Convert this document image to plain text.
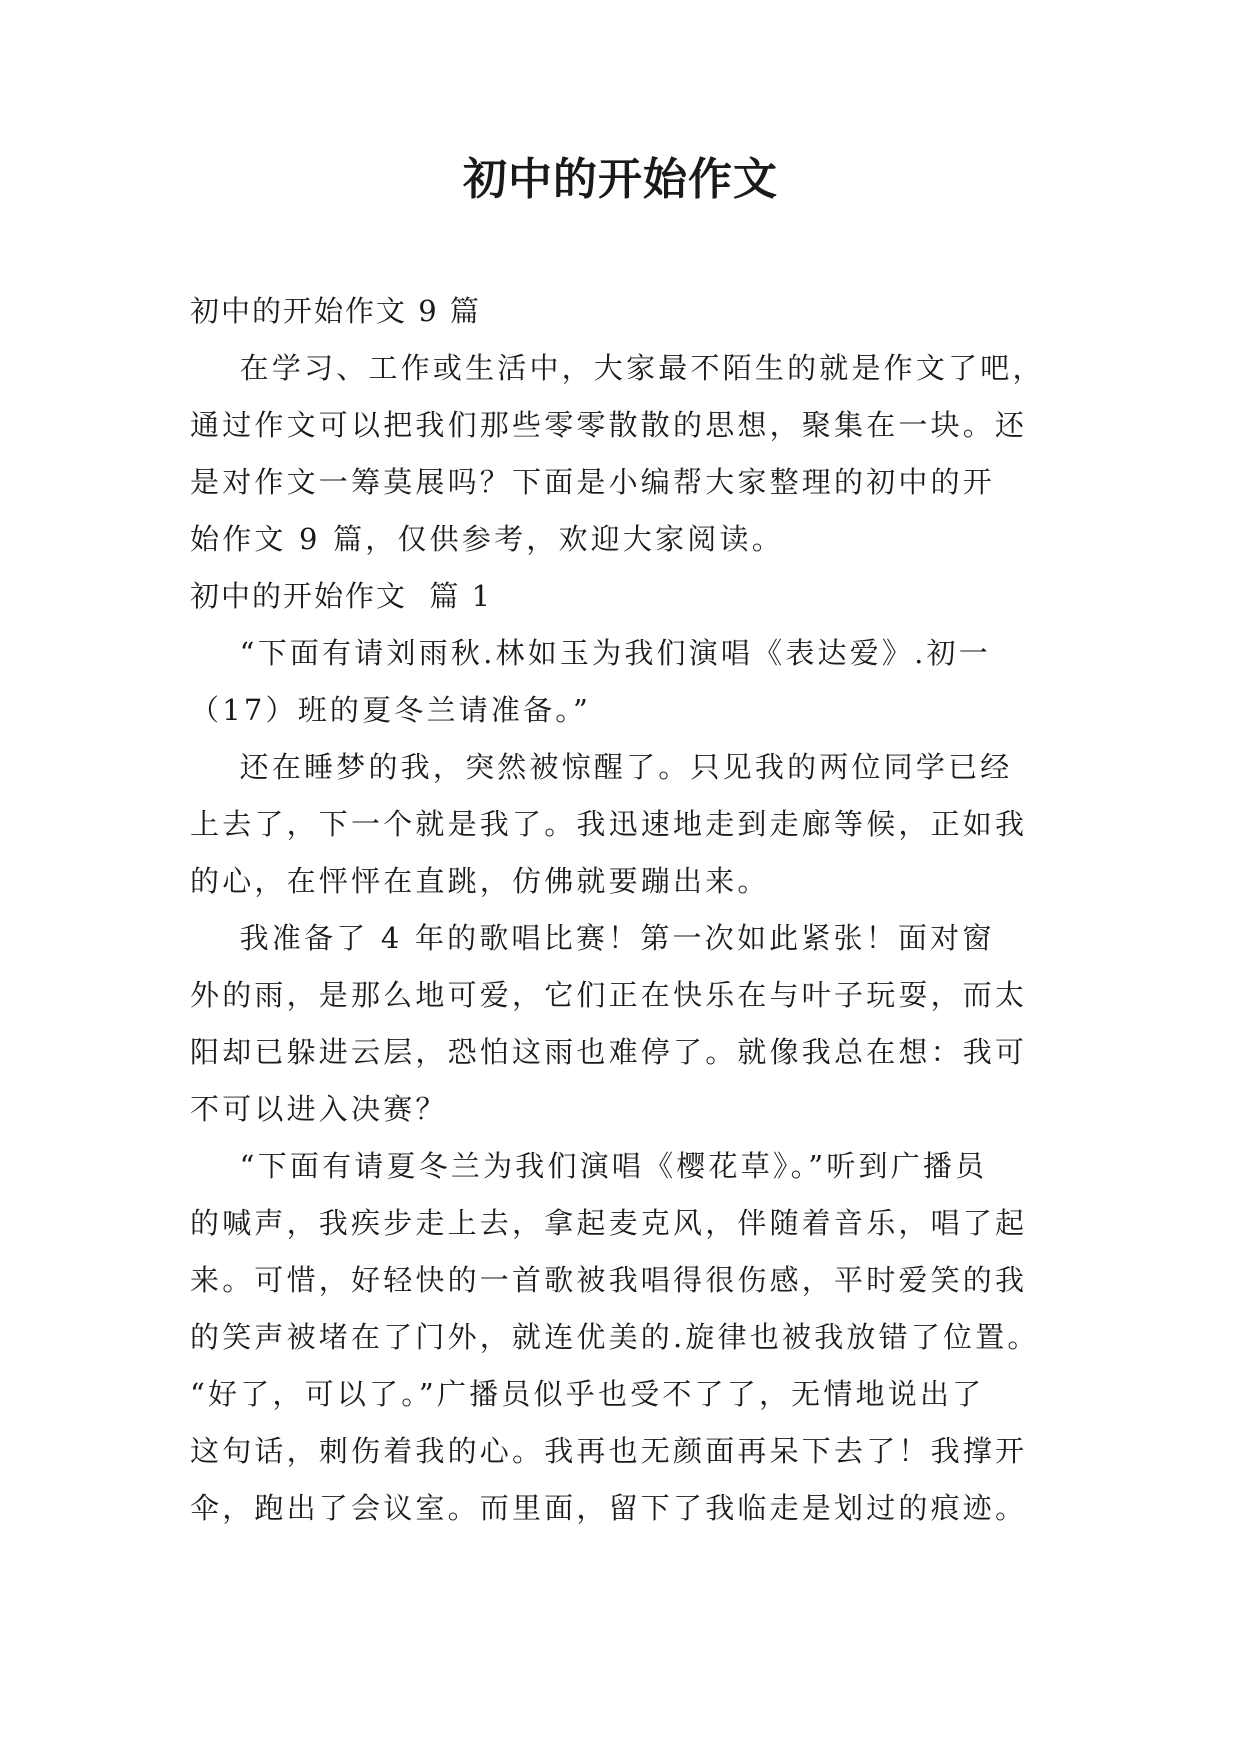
初中的开始作文
初中的开始作文 9 篇
在学习、工作或生活中，大家最不陌生的就是作文了吧，
通过作文可以把我们那些零零散散的思想，聚集在一块。还
是对作文一筹莫展吗？下面是小编帮大家整理的初中的开
始作文 9 篇，仅供参考，欢迎大家阅读。
初中的开始作文  篇 1
“下面有请刘雨秋.林如玉为我们演唱《表达爱》.初一
（17）班的夏冬兰请准备。”
还在睡梦的我，突然被惊醒了。只见我的两位同学已经
上去了，下一个就是我了。我迅速地走到走廊等候，正如我
的心，在怦怦在直跳，仿佛就要蹦出来。
我准备了 4 年的歌唱比赛！第一次如此紧张！面对窗
外的雨，是那么地可爱，它们正在快乐在与叶子玩耍，而太
阳却已躲进云层，恐怕这雨也难停了。就像我总在想：我可
不可以进入决赛？
“下面有请夏冬兰为我们演唱《樱花草》。”听到广播员
的喊声，我疾步走上去，拿起麦克风，伴随着音乐，唱了起
来。可惜，好轻快的一首歌被我唱得很伤感，平时爱笑的我
的笑声被堵在了门外，就连优美的.旋律也被我放错了位置。
“好了，可以了。”广播员似乎也受不了了，无情地说出了
这句话，刺伤着我的心。我再也无颜面再呆下去了！我撑开
伞，跑出了会议室。而里面，留下了我临走是划过的痕迹。
